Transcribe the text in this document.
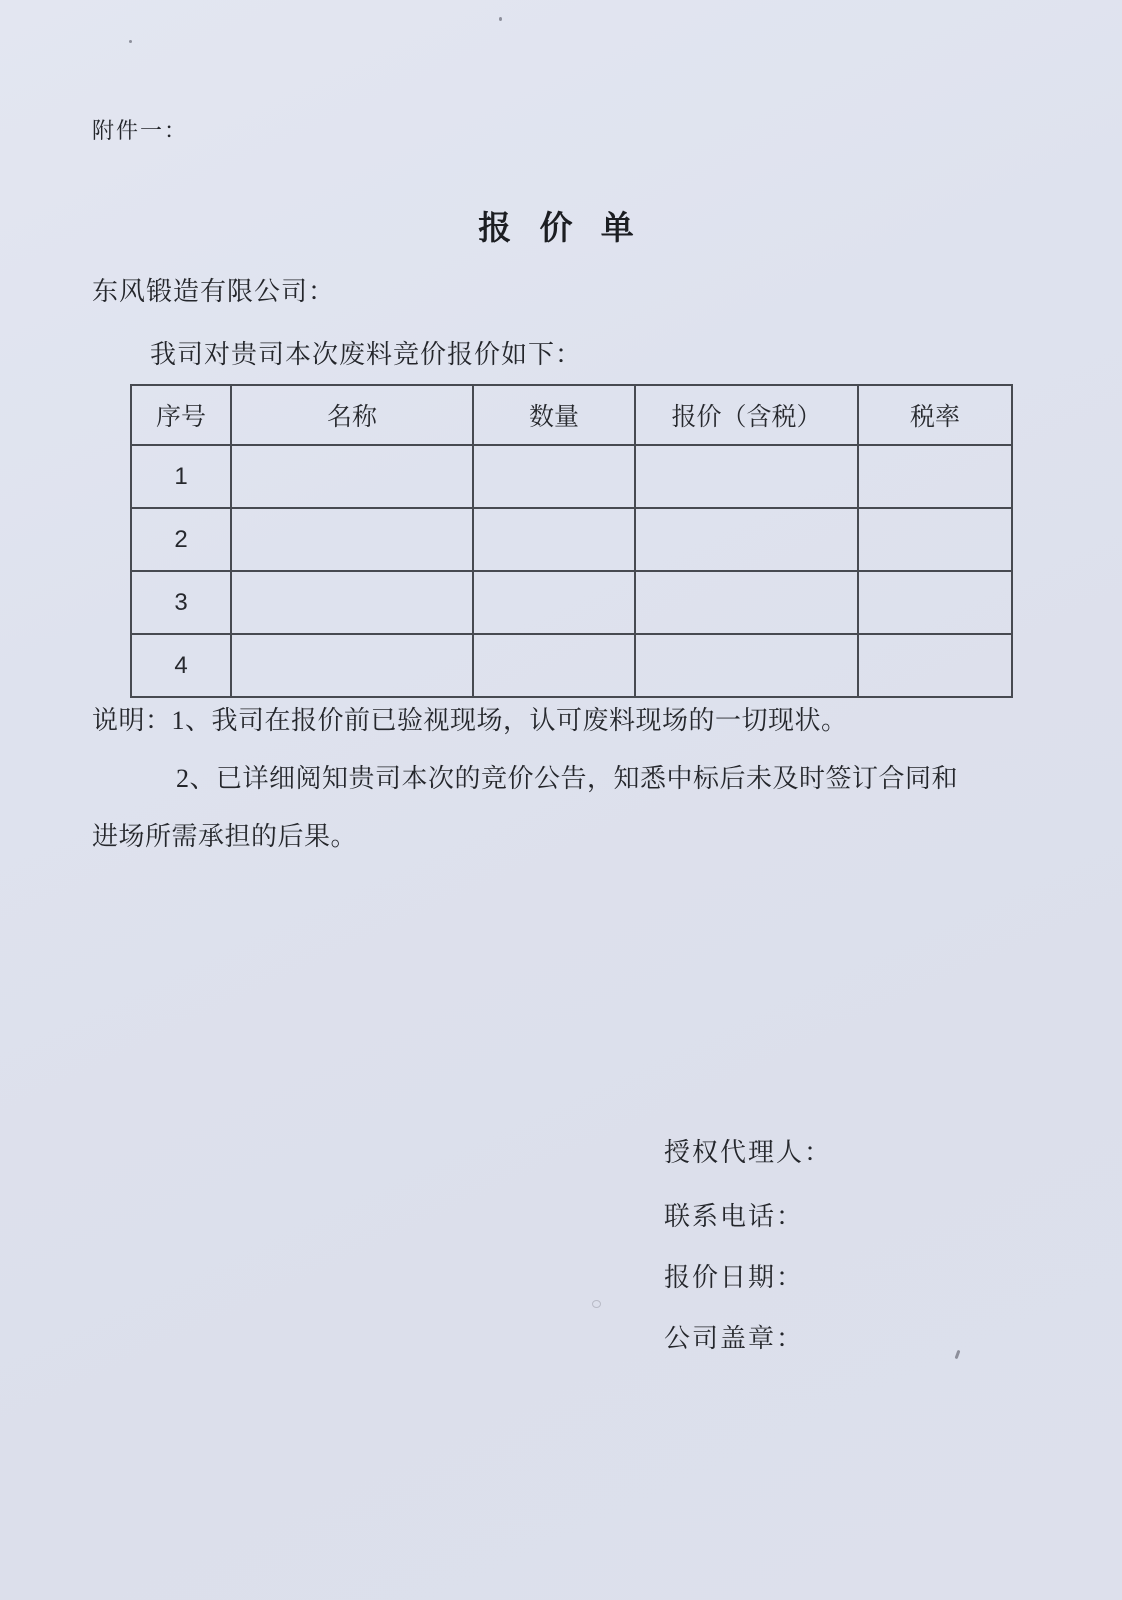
附件一：
报 价 单
东风锻造有限公司：
我司对贵司本次废料竞价报价如下：
序号	名称	数量	报价（含税）	税率
1				
2				
3				
4				
说明：1、我司在报价前已验视现场，认可废料现场的一切现状。
2、已详细阅知贵司本次的竞价公告，知悉中标后未及时签订合同和
进场所需承担的后果。
授权代理人：
联系电话：
报价日期：
公司盖章：
